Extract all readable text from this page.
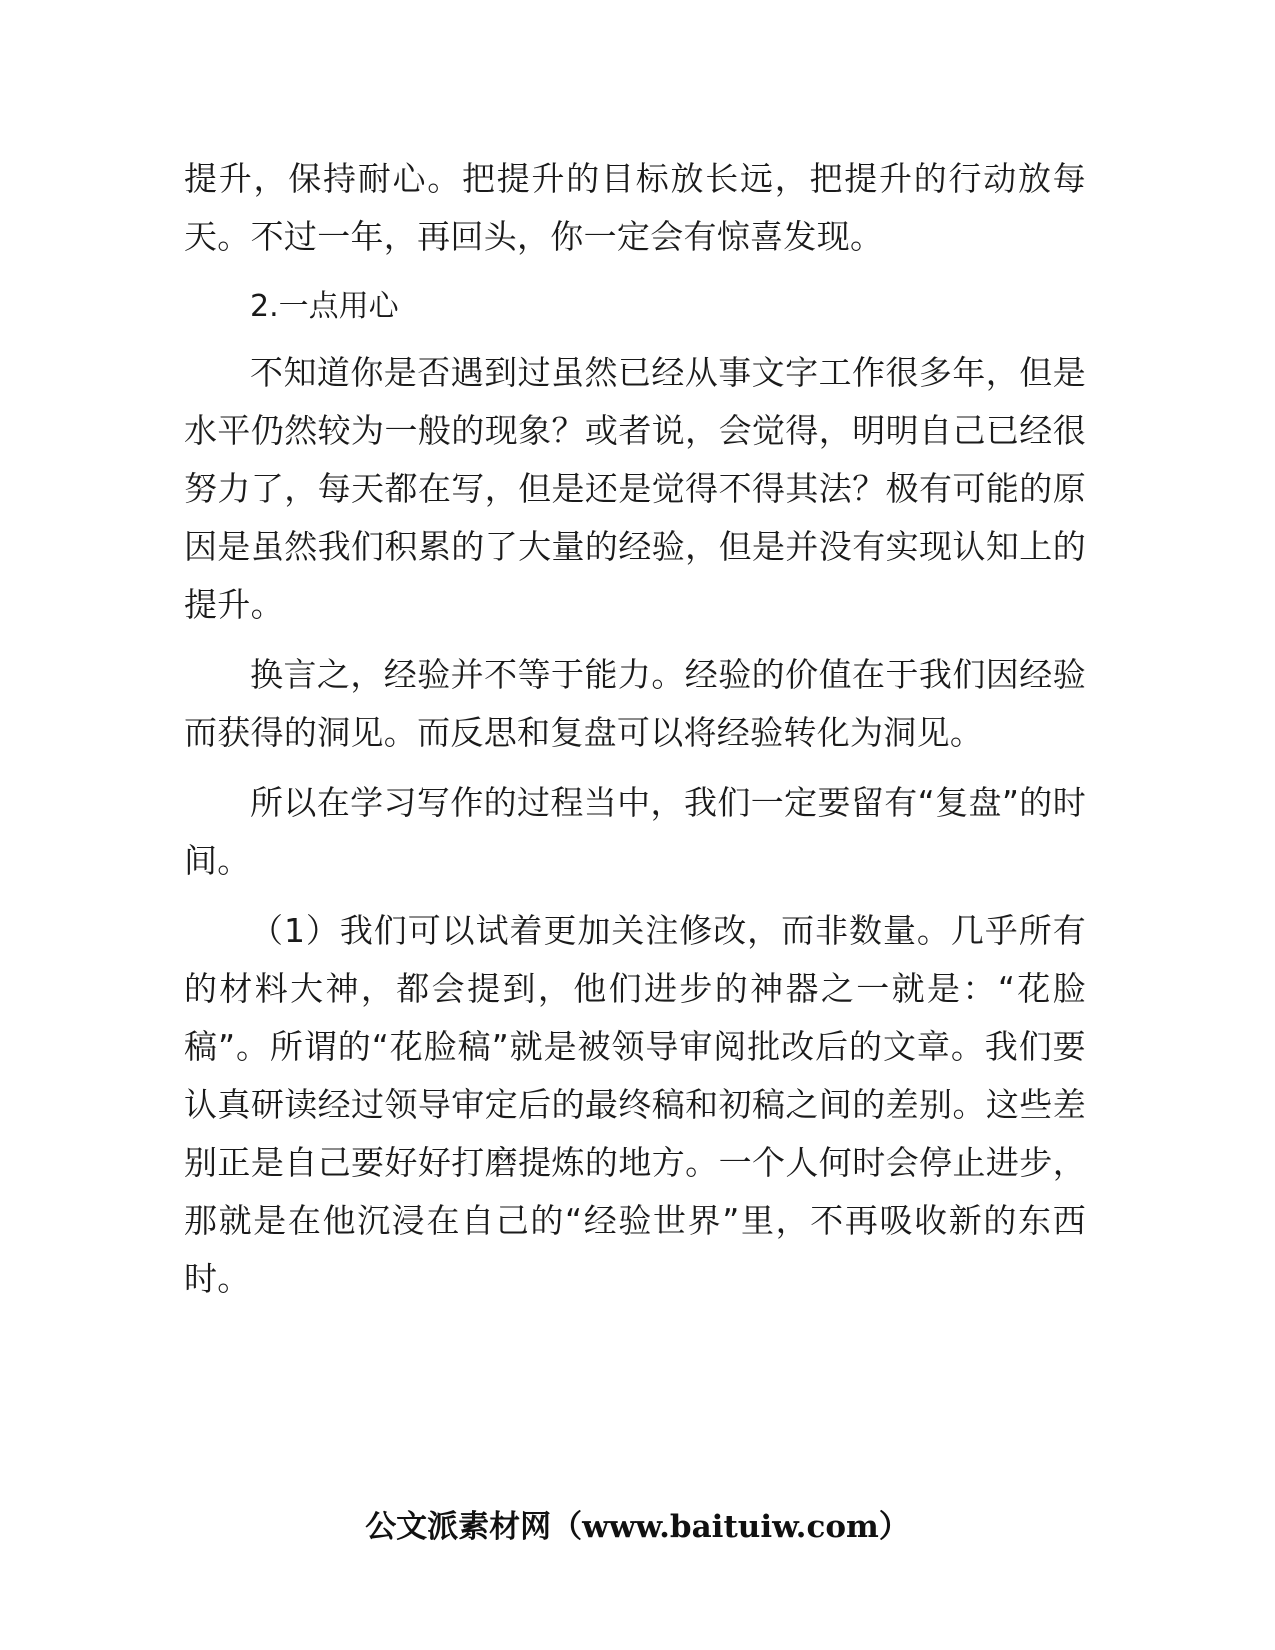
提升，保持耐心。把提升的目标放长远，把提升的行动放每天。不过一年，再回头，你一定会有惊喜发现。

2.一点用心

不知道你是否遇到过虽然已经从事文字工作很多年，但是水平仍然较为一般的现象？或者说，会觉得，明明自己已经很努力了，每天都在写，但是还是觉得不得其法？极有可能的原因是虽然我们积累的了大量的经验，但是并没有实现认知上的提升。

换言之，经验并不等于能力。经验的价值在于我们因经验而获得的洞见。而反思和复盘可以将经验转化为洞见。

所以在学习写作的过程当中，我们一定要留有“复盘”的时间。

（1）我们可以试着更加关注修改，而非数量。几乎所有的材料大神，都会提到，他们进步的神器之一就是：“花脸稿”。所谓的“花脸稿”就是被领导审阅批改后的文章。我们要认真研读经过领导审定后的最终稿和初稿之间的差别。这些差别正是自己要好好打磨提炼的地方。一个人何时会停止进步，那就是在他沉浸在自己的“经验世界”里，不再吸收新的东西时。

公文派素材网（www.baituiw.com）
